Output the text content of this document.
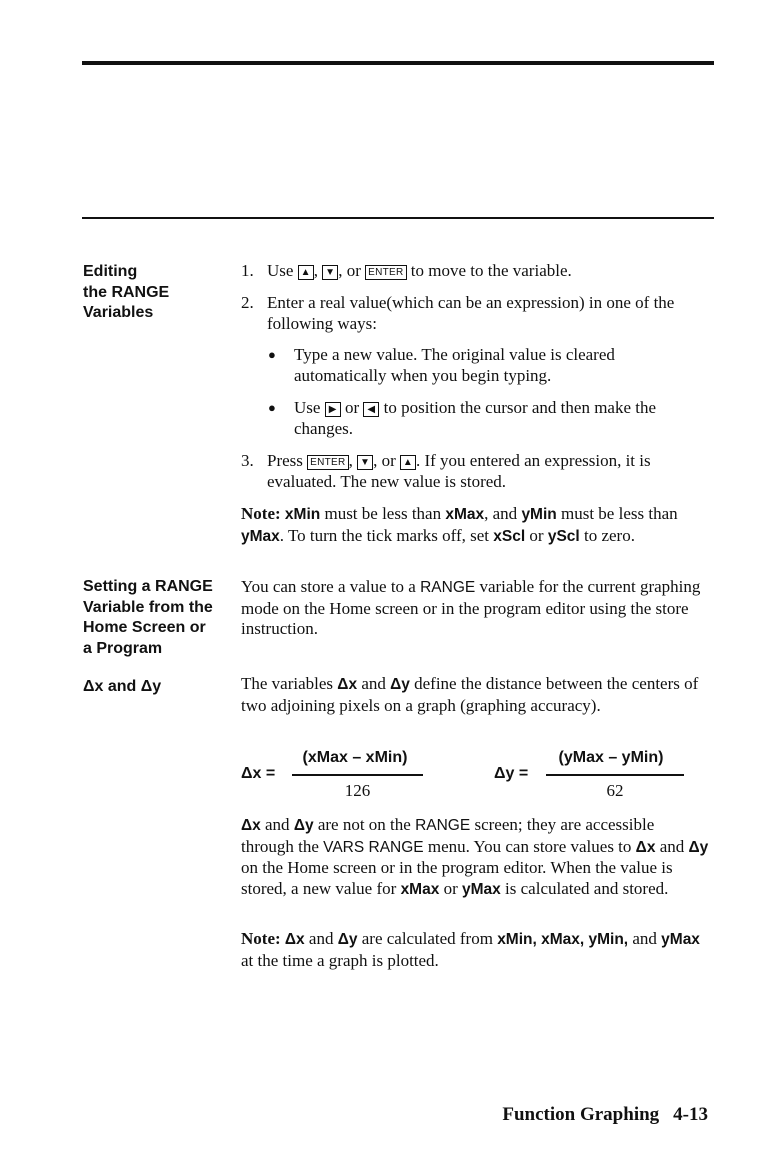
Editing
the RANGE
Variables
Setting a RANGE
Variable from the
Home Screen or
a Program
Δx and Δy
1. Use ▲ , ▼ , or ENTER to move to the variable.
2. Enter a real value(which can be an expression) in one of the following ways:
● Type a new value. The original value is cleared automatically when you begin typing.
● Use ▶ or ◀ to position the cursor and then make the changes.
3. Press ENTER , ▼ , or ▲ . If you entered an expression, it is evaluated. The new value is stored.
Note: xMin must be less than xMax, and yMin must be less than yMax. To turn the tick marks off, set xScl or yScl to zero.
You can store a value to a RANGE variable for the current graphing mode on the Home screen or in the program editor using the store instruction.
The variables Δx and Δy define the distance between the centers of two adjoining pixels on a graph (graphing accuracy).
Δx =
(xMax – xMin)
126
Δy =
(yMax – yMin)
62
Δx and Δy are not on the RANGE screen; they are accessible through the VARS RANGE menu. You can store values to Δx and Δy on the Home screen or in the program editor. When the value is stored, a new value for xMax or yMax is calculated and stored.
Note: Δx and Δy are calculated from xMin, xMax, yMin, and yMax at the time a graph is plotted.
Function Graphing 4-13
